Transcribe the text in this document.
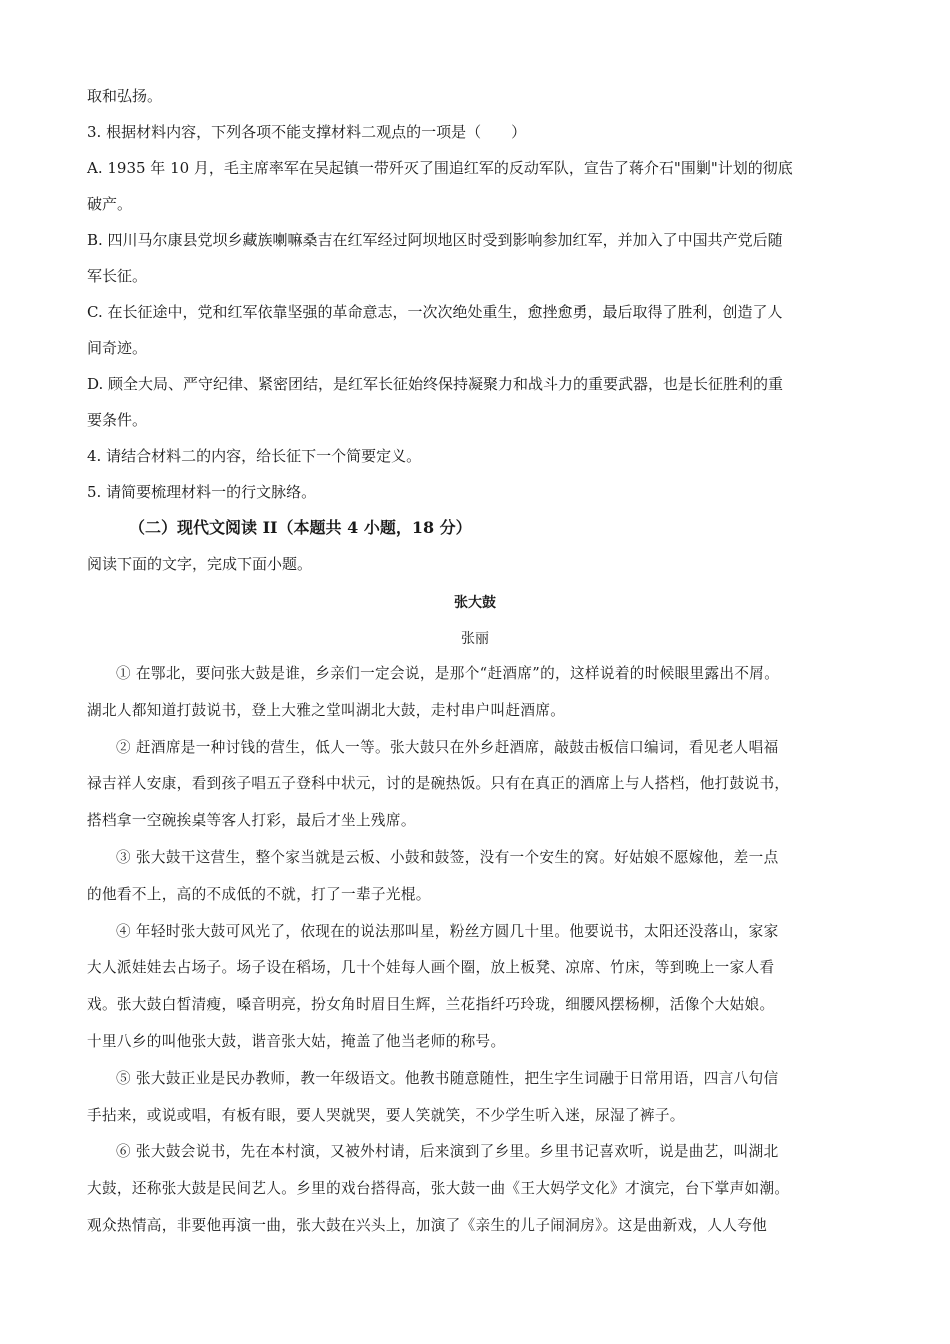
取和弘扬。
3. 根据材料内容，下列各项不能支撑材料二观点的一项是（　　）
A. 1935 年 10 月，毛主席率军在吴起镇一带歼灭了围追红军的反动军队，宣告了蒋介石"围剿"计划的彻底
破产。
B. 四川马尔康县党坝乡藏族喇嘛桑吉在红军经过阿坝地区时受到影响参加红军，并加入了中国共产党后随
军长征。
C. 在长征途中，党和红军依靠坚强的革命意志，一次次绝处重生，愈挫愈勇，最后取得了胜利，创造了人
间奇迹。
D. 顾全大局、严守纪律、紧密团结，是红军长征始终保持凝聚力和战斗力的重要武器，也是长征胜利的重
要条件。
4. 请结合材料二的内容，给长征下一个简要定义。
5. 请简要梳理材料一的行文脉络。
（二）现代文阅读 II（本题共 4 小题，18 分）
阅读下面的文字，完成下面小题。
张大鼓
张丽
① 在鄂北，要问张大鼓是谁，乡亲们一定会说，是那个“赶酒席”的，这样说着的时候眼里露出不屑。
湖北人都知道打鼓说书，登上大雅之堂叫湖北大鼓，走村串户叫赶酒席。
② 赶酒席是一种讨钱的营生，低人一等。张大鼓只在外乡赶酒席，敲鼓击板信口编词，看见老人唱福
禄吉祥人安康，看到孩子唱五子登科中状元，讨的是碗热饭。只有在真正的酒席上与人搭档，他打鼓说书，
搭档拿一空碗挨桌等客人打彩，最后才坐上残席。
③ 张大鼓干这营生，整个家当就是云板、小鼓和鼓签，没有一个安生的窝。好姑娘不愿嫁他，差一点
的他看不上，高的不成低的不就，打了一辈子光棍。
④ 年轻时张大鼓可风光了，依现在的说法那叫星，粉丝方圆几十里。他要说书，太阳还没落山，家家
大人派娃娃去占场子。场子设在稻场，几十个娃每人画个圈，放上板凳、凉席、竹床，等到晚上一家人看
戏。张大鼓白皙清瘦，嗓音明亮，扮女角时眉目生辉，兰花指纤巧玲珑，细腰风摆杨柳，活像个大姑娘。
十里八乡的叫他张大鼓，谐音张大姑，掩盖了他当老师的称号。
⑤ 张大鼓正业是民办教师，教一年级语文。他教书随意随性，把生字生词融于日常用语，四言八句信
手拈来，或说或唱，有板有眼，要人哭就哭，要人笑就笑，不少学生听入迷，尿湿了裤子。
⑥ 张大鼓会说书，先在本村演，又被外村请，后来演到了乡里。乡里书记喜欢听，说是曲艺，叫湖北
大鼓，还称张大鼓是民间艺人。乡里的戏台搭得高，张大鼓一曲《王大妈学文化》才演完，台下掌声如潮。
观众热情高，非要他再演一曲，张大鼓在兴头上，加演了《亲生的儿子闹洞房》。这是曲新戏，人人夸他
